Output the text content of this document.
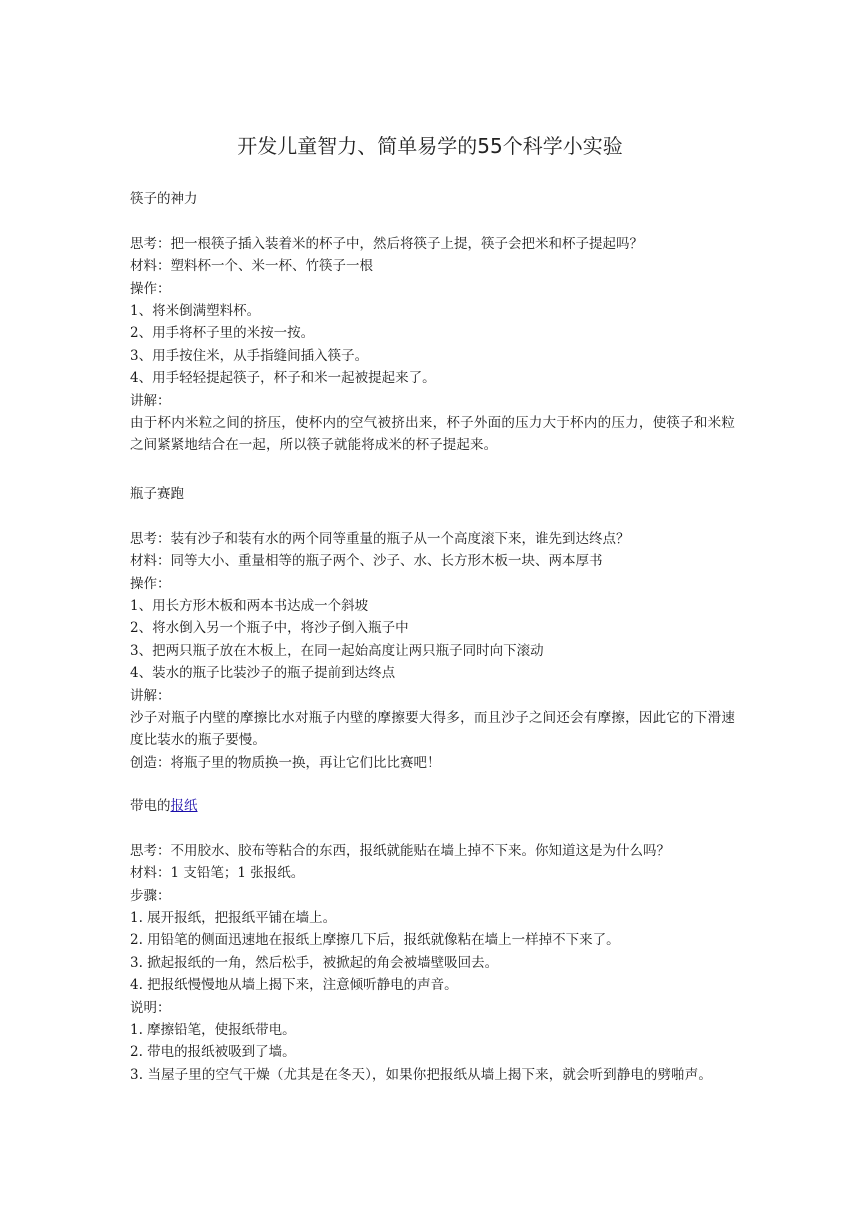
开发儿童智力、简单易学的55个科学小实验

筷子的神力

思考：把一根筷子插入装着米的杯子中，然后将筷子上提，筷子会把米和杯子提起吗？

材料：塑料杯一个、米一杯、竹筷子一根

操作：

1、将米倒满塑料杯。

2、用手将杯子里的米按一按。

3、用手按住米，从手指缝间插入筷子。

4、用手轻轻提起筷子，杯子和米一起被提起来了。

讲解：

由于杯内米粒之间的挤压，使杯内的空气被挤出来，杯子外面的压力大于杯内的压力，使筷子和米粒之间紧紧地结合在一起，所以筷子就能将成米的杯子提起来。

瓶子赛跑

思考：装有沙子和装有水的两个同等重量的瓶子从一个高度滚下来，谁先到达终点？

材料：同等大小、重量相等的瓶子两个、沙子、水、长方形木板一块、两本厚书

操作：

1、用长方形木板和两本书达成一个斜坡

2、将水倒入另一个瓶子中，将沙子倒入瓶子中

3、把两只瓶子放在木板上，在同一起始高度让两只瓶子同时向下滚动

4、装水的瓶子比装沙子的瓶子提前到达终点

讲解：

沙子对瓶子内壁的摩擦比水对瓶子内壁的摩擦要大得多，而且沙子之间还会有摩擦，因此它的下滑速度比装水的瓶子要慢。

创造：将瓶子里的物质换一换，再让它们比比赛吧！

带电的报纸

思考：不用胶水、胶布等粘合的东西，报纸就能贴在墙上掉不下来。你知道这是为什么吗？

材料：1 支铅笔；1 张报纸。

步骤：

1. 展开报纸，把报纸平铺在墙上。

2. 用铅笔的侧面迅速地在报纸上摩擦几下后，报纸就像粘在墙上一样掉不下来了。

3. 掀起报纸的一角，然后松手，被掀起的角会被墙壁吸回去。

4. 把报纸慢慢地从墙上揭下来，注意倾听静电的声音。

说明：

1. 摩擦铅笔，使报纸带电。

2. 带电的报纸被吸到了墙。

3. 当屋子里的空气干燥（尤其是在冬天），如果你把报纸从墙上揭下来，就会听到静电的劈啪声。
